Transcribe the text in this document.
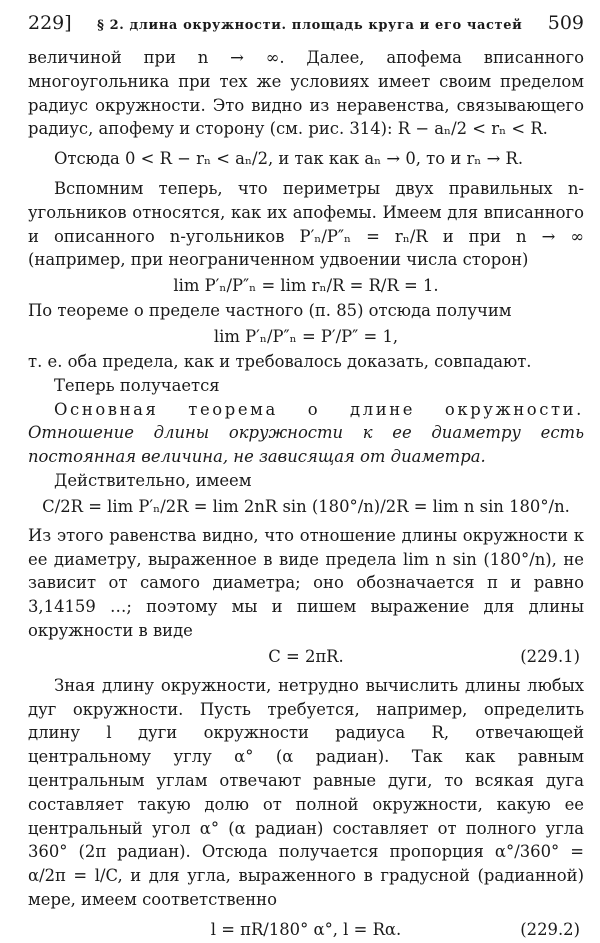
229] § 2. длина окружности. площадь круга и его частей 509

величиной при n → ∞. Далее, апофема вписанного многоугольника при тех же условиях имеет своим пределом радиус окружности. Это видно из неравенства, связывающего радиус, апофему и сторону (см. рис. 314): R − aₙ/2 < rₙ < R.

Отсюда 0 < R − rₙ < aₙ/2, и так как aₙ → 0, то и rₙ → R.

Вспомним теперь, что периметры двух правильных n-угольников относятся, как их апофемы. Имеем для вписанного и описанного n-угольников P′ₙ/P″ₙ = rₙ/R и при n → ∞ (например, при неограниченном удвоении числа сторон)

lim P′ₙ/P″ₙ = lim rₙ/R = R/R = 1.

По теореме о пределе частного (п. 85) отсюда получим

lim P′ₙ/P″ₙ = P′/P″ = 1,

т. е. оба предела, как и требовалось доказать, совпадают.

Теперь получается

Основная теорема о длине окружности. Отношение длины окружности к ее диаметру есть постоянная величина, не зависящая от диаметра.

Действительно, имеем

C/2R = lim P′ₙ/2R = lim 2nR sin (180°/n)/2R = lim n sin 180°/n.

Из этого равенства видно, что отношение длины окружности к ее диаметру, выраженное в виде предела lim n sin (180°/n), не зависит от самого диаметра; оно обозначается π и равно 3,14159 …; поэтому мы и пишем выражение для длины окружности в виде

C = 2πR.	(229.1)

Зная длину окружности, нетрудно вычислить длины любых дуг окружности. Пусть требуется, например, определить длину l дуги окружности радиуса R, отвечающей центральному углу α° (α радиан). Так как равным центральным углам отвечают равные дуги, то всякая дуга составляет такую долю от полной окружности, какую ее центральный угол α° (α радиан) составляет от полного угла 360° (2π радиан). Отсюда получается пропорция α°/360° = α/2π = l/C, и для угла, выраженного в градусной (радианной) мере, имеем соответственно

l = πR/180° α°, l = Rα.	(229.2)
